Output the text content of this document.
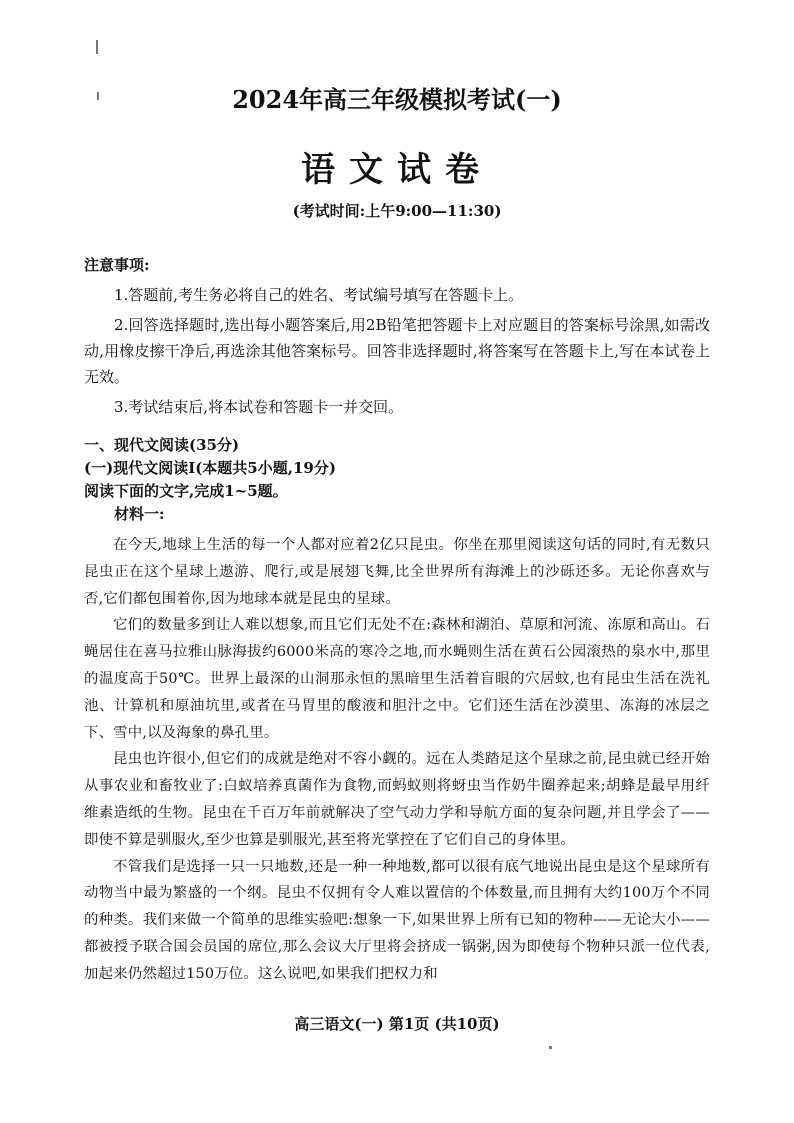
2024年高三年级模拟考试(一)
语文试卷
(考试时间:上午9:00—11:30)
注意事项:

1.答题前,考生务必将自己的姓名、考试编号填写在答题卡上。

2.回答选择题时,选出每小题答案后,用2B铅笔把答题卡上对应题目的答案标号涂黑,如需改动,用橡皮擦干净后,再选涂其他答案标号。回答非选择题时,将答案写在答题卡上,写在本试卷上无效。

3.考试结束后,将本试卷和答题卡一并交回。

一、现代文阅读(35分)
(一)现代文阅读Ⅰ(本题共5小题,19分)
阅读下面的文字,完成1~5题。
材料一:

在今天,地球上生活的每一个人都对应着2亿只昆虫。你坐在那里阅读这句话的同时,有无数只昆虫正在这个星球上遨游、爬行,或是展翅飞舞,比全世界所有海滩上的沙砾还多。无论你喜欢与否,它们都包围着你,因为地球本就是昆虫的星球。

它们的数量多到让人难以想象,而且它们无处不在:森林和湖泊、草原和河流、冻原和高山。石蝇居住在喜马拉雅山脉海拔约6000米高的寒冷之地,而水蝇则生活在黄石公园滚热的泉水中,那里的温度高于50℃。世界上最深的山洞那永恒的黑暗里生活着盲眼的穴居蚊,也有昆虫生活在洗礼池、计算机和原油坑里,或者在马胃里的酸液和胆汁之中。它们还生活在沙漠里、冻海的冰层之下、雪中,以及海象的鼻孔里。

昆虫也许很小,但它们的成就是绝对不容小觑的。远在人类踏足这个星球之前,昆虫就已经开始从事农业和畜牧业了:白蚁培养真菌作为食物,而蚂蚁则将蚜虫当作奶牛圈养起来;胡蜂是最早用纤维素造纸的生物。昆虫在千百万年前就解决了空气动力学和导航方面的复杂问题,并且学会了——即使不算是驯服火,至少也算是驯服光,甚至将光掌控在了它们自己的身体里。

不管我们是选择一只一只地数,还是一种一种地数,都可以很有底气地说出昆虫是这个星球所有动物当中最为繁盛的一个纲。昆虫不仅拥有令人难以置信的个体数量,而且拥有大约100万个不同的种类。我们来做一个简单的思维实验吧:想象一下,如果世界上所有已知的物种——无论大小——都被授予联合国会员国的席位,那么会议大厅里将会挤成一锅粥,因为即使每个物种只派一位代表,加起来仍然超过150万位。这么说吧,如果我们把权力和

高三语文(一) 第1页 (共10页)
